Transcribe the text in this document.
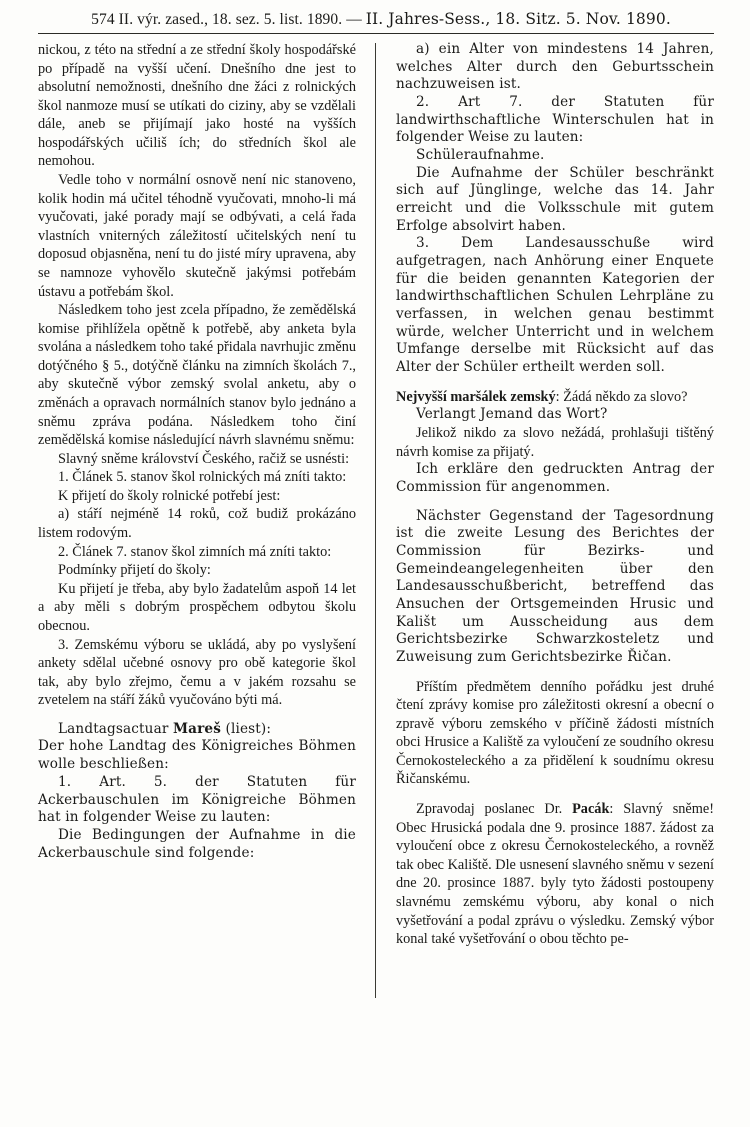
574 II. výr. zased., 18. sez. 5. list. 1890. — II. Jahres-Sess., 18. Sitz. 5. Nov. 1890.

nickou, z této na střední a ze střední školy hospodářské po případě na vyšší učení. Dnešního dne jest to absolutní nemožnosti, dnešního dne žáci z rolnických škol nanmoze musí se utíkati do ciziny, aby se vzdělali dále, aneb se přijímají jako hosté na vyšších hospodářských učiliš ích; do středních škol ale nemohou.

Vedle toho v normální osnově není nic stanoveno, kolik hodin má učitel téhodně vyučovati, mnoho-li má vyučovati, jaké porady mají se odbývati, a celá řada vlastních vniterných záležitostí učitelských není tu doposud objasněna, není tu do jisté míry upravena, aby se namnoze vyhovělo skutečně jakýmsi potřebám ústavu a potřebám škol.

Následkem toho jest zcela případno, že zemědělská komise přihlížela opětně k potřebě, aby anketa byla svolána a následkem toho také přidala navrhujic změnu dotýčného § 5., dotýčně článku na zimních školách 7., aby skutečně výbor zemský svolal anketu, aby o změnách a opravach normálních stanov bylo jednáno a sněmu zpráva podána. Následkem toho činí zemědělská komise následující návrh slavnému sněmu:

Slavný sněme království Českého, račiž se usnésti:

1. Článek 5. stanov škol rolnických má zníti takto:

K přijetí do školy rolnické potřebí jest:

a) stáří nejméně 14 roků, což budiž prokázáno listem rodovým.

2. Článek 7. stanov škol zimních má zníti takto:

Podmínky přijetí do školy:

Ku přijetí je třeba, aby bylo žadatelům aspoň 14 let a aby měli s dobrým prospěchem odbytou školu obecnou.

3. Zemskému výboru se ukládá, aby po vyslyšení ankety sdělal učebné osnovy pro obě kategorie škol tak, aby bylo zřejmo, čemu a v jakém rozsahu se zvetelem na stáří žáků vyučováno býti má.

Landtagsactuar Mareš (liest):

Der hohe Landtag des Königreiches Böhmen wolle beschließen:

1. Art. 5. der Statuten für Ackerbauschulen im Königreiche Böhmen hat in folgender Weise zu lauten:

Die Bedingungen der Aufnahme in die Ackerbauschule sind folgende:

a) ein Alter von mindestens 14 Jahren, welches Alter durch den Geburtsschein nachzuweisen ist.

2. Art 7. der Statuten für landwirthschaftliche Winterschulen hat in folgender Weise zu lauten:

Schüleraufnahme.

Die Aufnahme der Schüler beschränkt sich auf Jünglinge, welche das 14. Jahr erreicht und die Volksschule mit gutem Erfolge absolvirt haben.

3. Dem Landesausschuße wird aufgetragen, nach Anhörung einer Enquete für die beiden genannten Kategorien der landwirthschaftlichen Schulen Lehrpläne zu verfassen, in welchen genau bestimmt würde, welcher Unterricht und in welchem Umfange derselbe mit Rücksicht auf das Alter der Schüler ertheilt werden soll.

Nejvyšší maršálek zemský: Žádá někdo za slovo?

Verlangt Jemand das Wort?

Jelikož nikdo za slovo nežádá, prohlašuji tištěný návrh komise za přijatý.

Ich erkläre den gedruckten Antrag der Commission für angenommen.

Nächster Gegenstand der Tagesordnung ist die zweite Lesung des Berichtes der Commission für Bezirks- und Gemeindeangelegenheiten über den Landesausschußbericht, betreffend das Ansuchen der Ortsgemeinden Hrusic und Kališt um Ausscheidung aus dem Gerichtsbezirke Schwarzkosteletz und Zuweisung zum Gerichtsbezirke Řičan.

Příštím předmětem denního pořádku jest druhé čtení zprávy komise pro záležitosti okresní a obecní o zpravě výboru zemského v příčině žádosti místních obci Hrusice a Kaliště za vyloučení ze soudního okresu Černokosteleckého a za přidělení k soudnímu okresu Řičanskému.

Zpravodaj poslanec Dr. Pacák: Slavný sněme! Obec Hrusická podala dne 9. prosince 1887. žádost za vyloučení obce z okresu Černokosteleckého, a rovněž tak obec Kaliště. Dle usnesení slavného sněmu v sezení dne 20. prosince 1887. byly tyto žádosti postoupeny slavnému zemskému výboru, aby konal o nich vyšetřování a podal zprávu o výsledku. Zemský výbor konal také vyšetřování o obou těchto pe-
